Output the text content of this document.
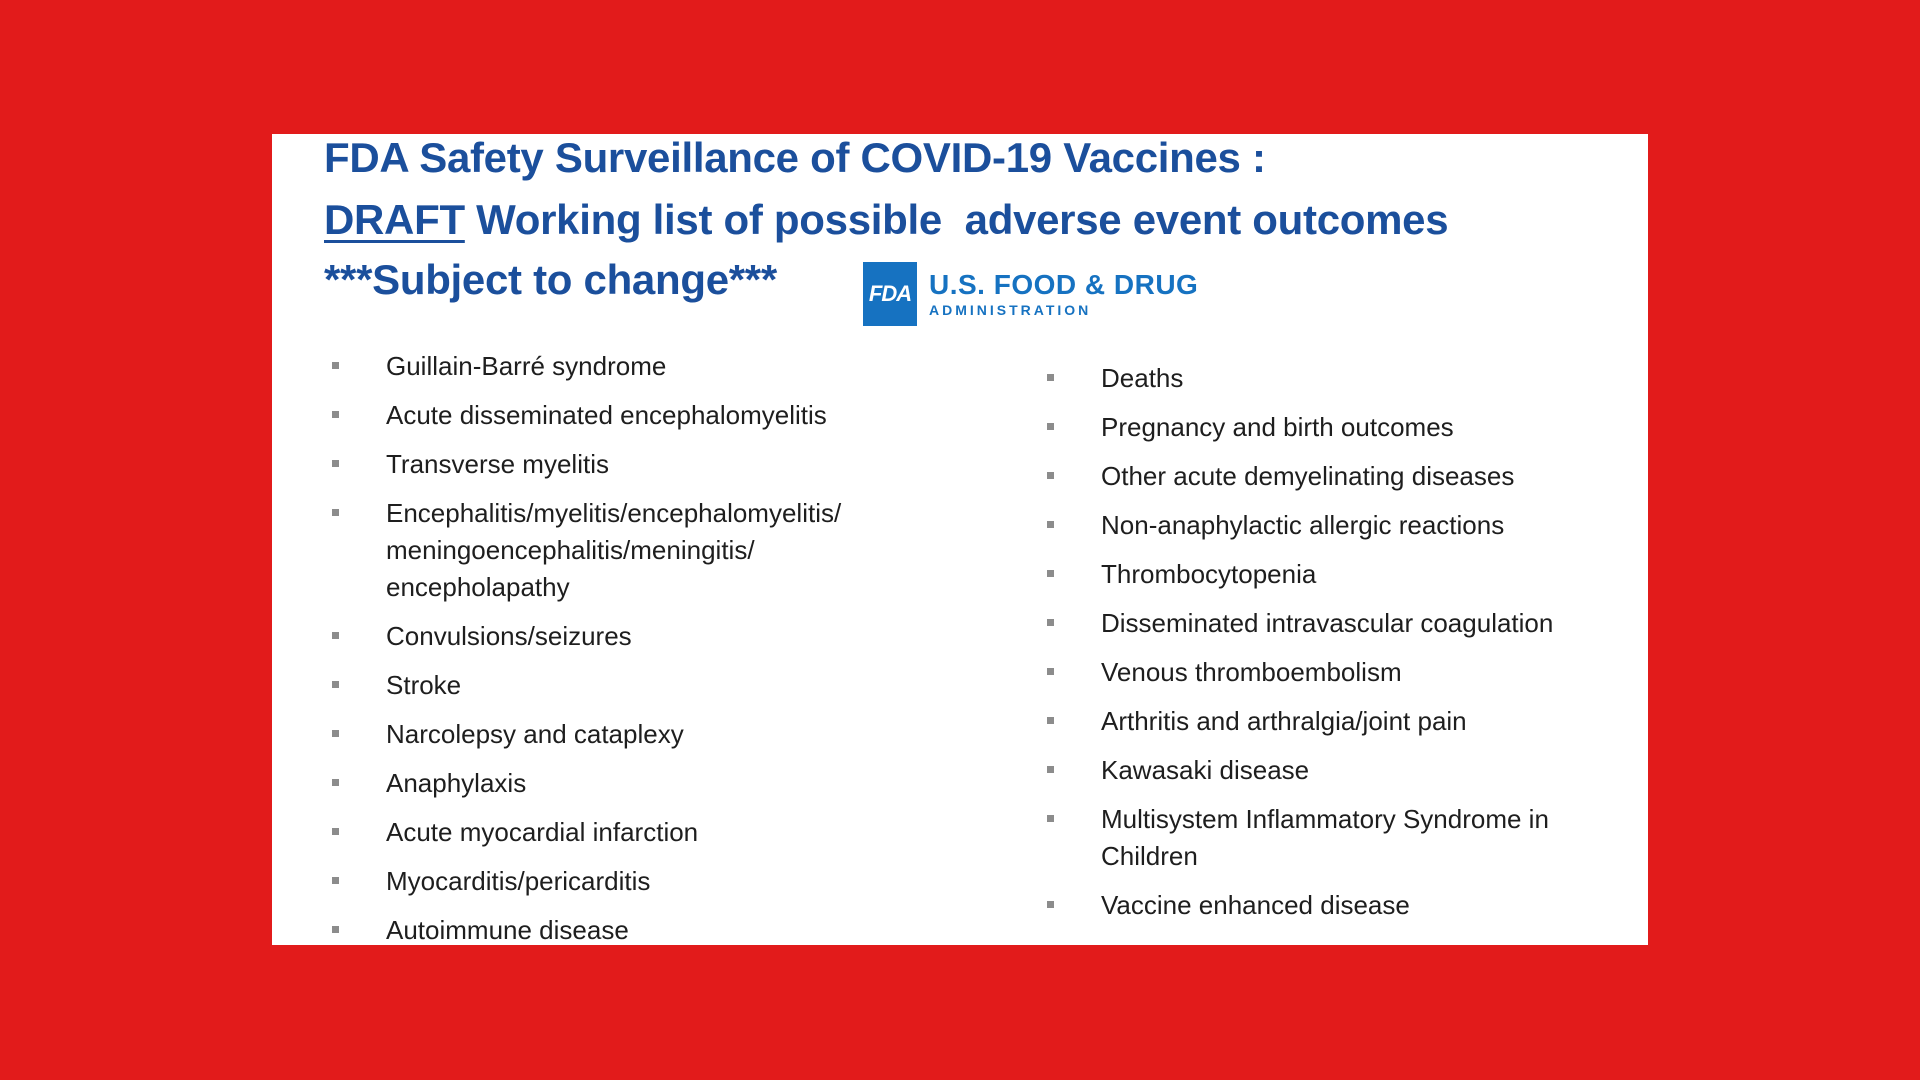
FDA Safety Surveillance of COVID-19 Vaccines :
DRAFT Working list of possible  adverse event outcomes
***Subject to change***	FDA U.S. FOOD & DRUG
ADMINISTRATION
Guillain-Barré syndrome
Acute disseminated encephalomyelitis
Transverse myelitis
Encephalitis/myelitis/encephalomyelitis/ meningoencephalitis/meningitis/ encepholapathy
Convulsions/seizures
Stroke
Narcolepsy and cataplexy
Anaphylaxis
Acute myocardial infarction
Myocarditis/pericarditis
Autoimmune disease
Deaths
Pregnancy and birth outcomes
Other acute demyelinating diseases
Non-anaphylactic allergic reactions
Thrombocytopenia
Disseminated intravascular coagulation
Venous thromboembolism
Arthritis and arthralgia/joint pain
Kawasaki disease
Multisystem Inflammatory Syndrome in Children
Vaccine enhanced disease
